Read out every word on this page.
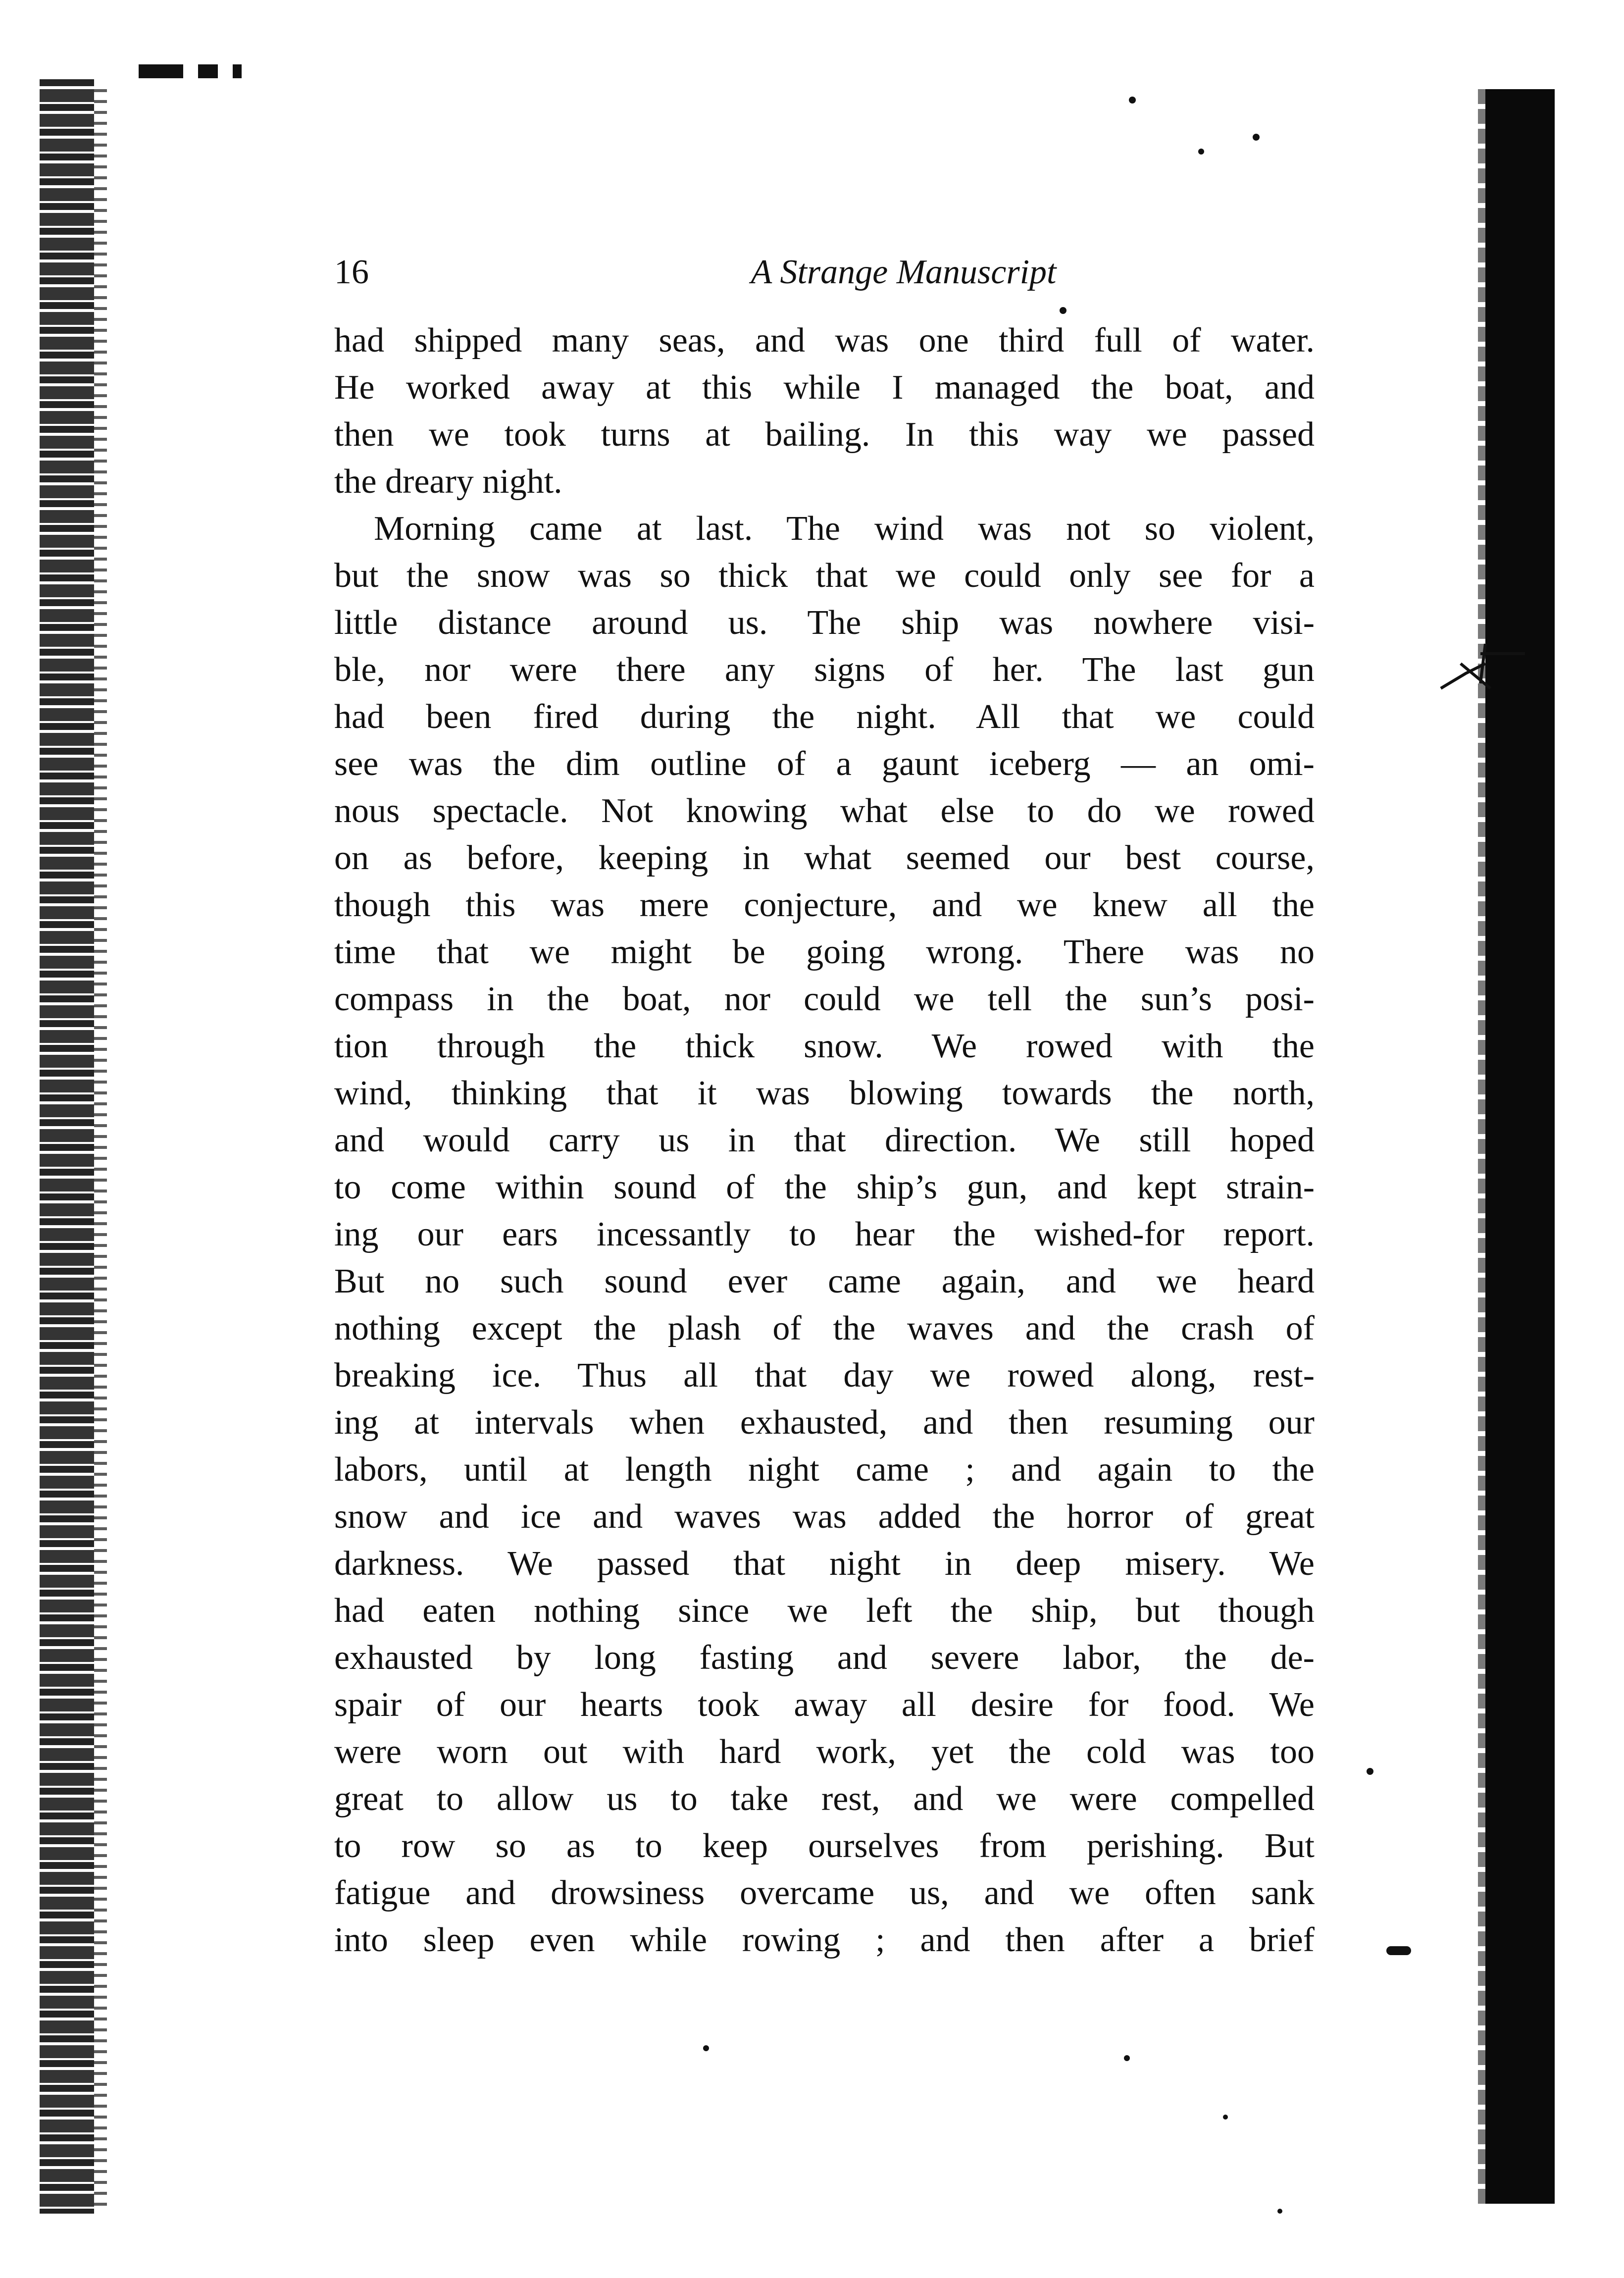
16	A Strange Manuscript
had shipped many seas, and was one third full of water.
He worked away at this while I managed the boat, and
then we took turns at bailing. In this way we passed
the dreary night.
Morning came at last. The wind was not so violent,
but the snow was so thick that we could only see for a
little distance around us. The ship was nowhere visi-
ble, nor were there any signs of her. The last gun
had been fired during the night. All that we could
see was the dim outline of a gaunt iceberg — an omi-
nous spectacle. Not knowing what else to do we rowed
on as before, keeping in what seemed our best course,
though this was mere conjecture, and we knew all the
time that we might be going wrong. There was no
compass in the boat, nor could we tell the sun’s posi-
tion through the thick snow. We rowed with the
wind, thinking that it was blowing towards the north,
and would carry us in that direction. We still hoped
to come within sound of the ship’s gun, and kept strain-
ing our ears incessantly to hear the wished-for report.
But no such sound ever came again, and we heard
nothing except the plash of the waves and the crash of
breaking ice. Thus all that day we rowed along, rest-
ing at intervals when exhausted, and then resuming our
labors, until at length night came ; and again to the
snow and ice and waves was added the horror of great
darkness. We passed that night in deep misery. We
had eaten nothing since we left the ship, but though
exhausted by long fasting and severe labor, the de-
spair of our hearts took away all desire for food. We
were worn out with hard work, yet the cold was too
great to allow us to take rest, and we were compelled
to row so as to keep ourselves from perishing. But
fatigue and drowsiness overcame us, and we often sank
into sleep even while rowing ; and then after a brief
